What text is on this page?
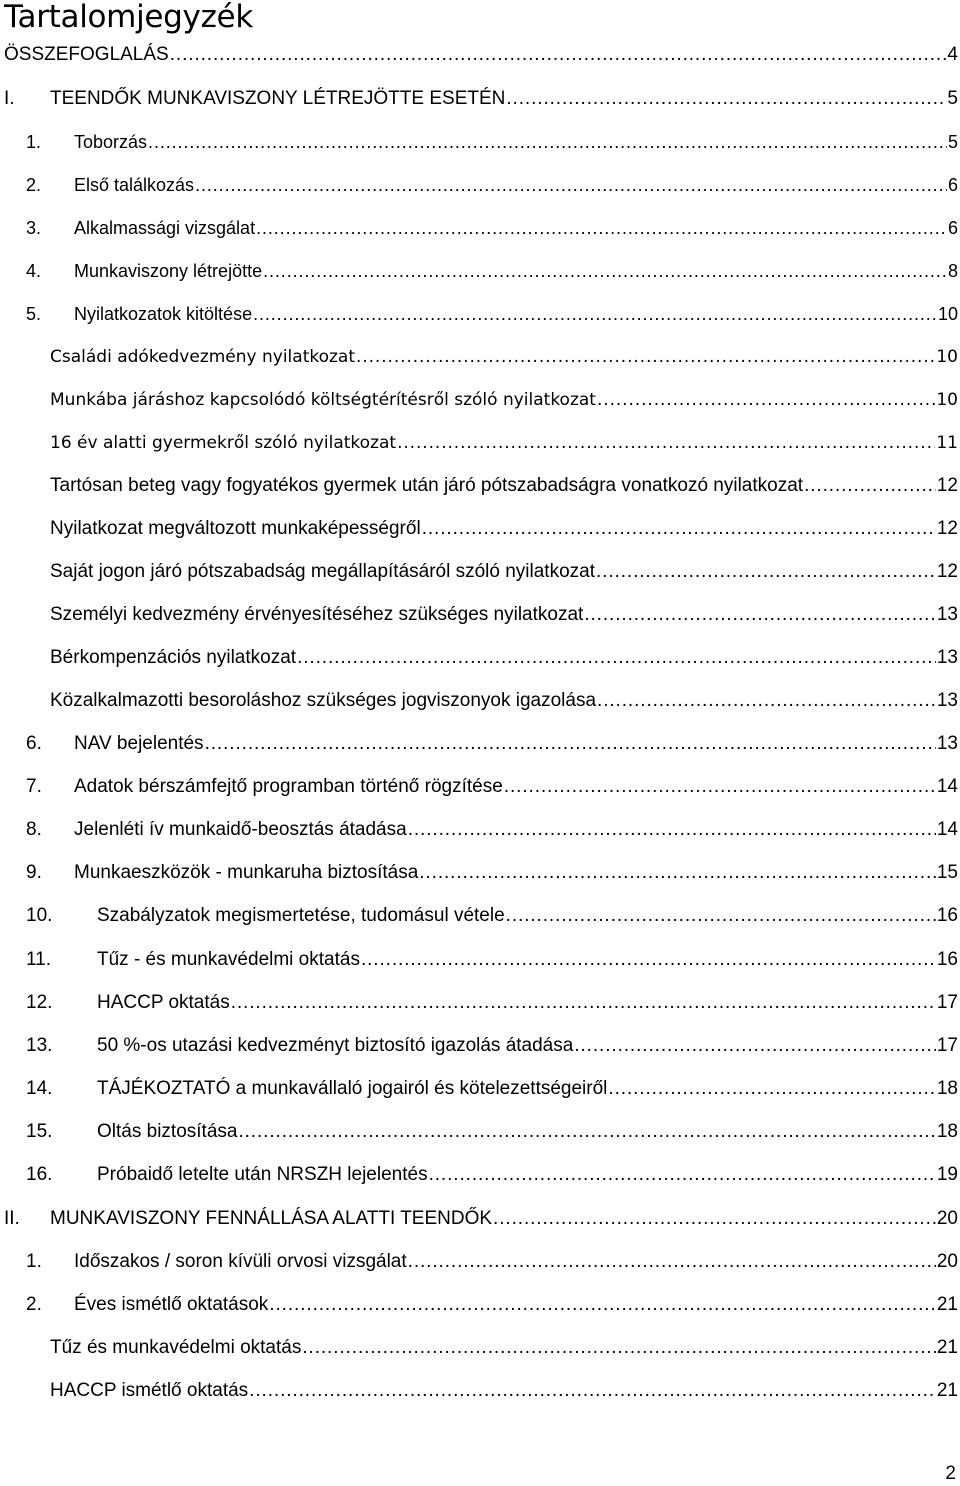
Tartalomjegyzék
ÖSSZEFOGLALÁS .....	4
I. TEENDŐK MUNKAVISZONY LÉTREJÖTTE ESETÉN .....	5
1. Toborzás .....	5
2. Első találkozás .....	6
3. Alkalmassági vizsgálat .....	6
4. Munkaviszony létrejötte .....	8
5. Nyilatkozatok kitöltése .....	10
Családi adókedvezmény nyilatkozat .....	10
Munkába járáshoz kapcsolódó költségtérítésről szóló nyilatkozat .....	10
16 év alatti gyermekről szóló nyilatkozat .....	11
Tartósan beteg vagy fogyatékos gyermek után járó pótszabadságra vonatkozó nyilatkozat .....	12
Nyilatkozat megváltozott munkaképességről .....	12
Saját jogon járó pótszabadság megállapításáról szóló nyilatkozat .....	12
Személyi kedvezmény érvényesítéséhez szükséges nyilatkozat .....	13
Bérkompenzációs nyilatkozat .....	13
Közalkalmazotti besoroláshoz szükséges jogviszonyok igazolása .....	13
6. NAV bejelentés .....	13
7. Adatok bérszámfejtő programban történő rögzítése .....	14
8. Jelenléti ív munkaidő-beosztás átadása .....	14
9. Munkaeszközök - munkaruha biztosítása .....	15
10. Szabályzatok megismertetése, tudomásul vétele .....	16
11. Tűz - és munkavédelmi oktatás .....	16
12. HACCP oktatás .....	17
13. 50 %-os utazási kedvezményt biztosító igazolás átadása .....	17
14. TÁJÉKOZTATÓ a munkavállaló jogairól és kötelezettségeiről .....	18
15. Oltás biztosítása .....	18
16. Próbaidő letelte után NRSZH lejelentés .....	19
II. MUNKAVISZONY FENNÁLLÁSA ALATTI TEENDŐK .....	20
1. Időszakos / soron kívüli orvosi vizsgálat .....	20
2. Éves ismétlő oktatások .....	21
Tűz és munkavédelmi oktatás .....	21
HACCP ismétlő oktatás .....	21
2
